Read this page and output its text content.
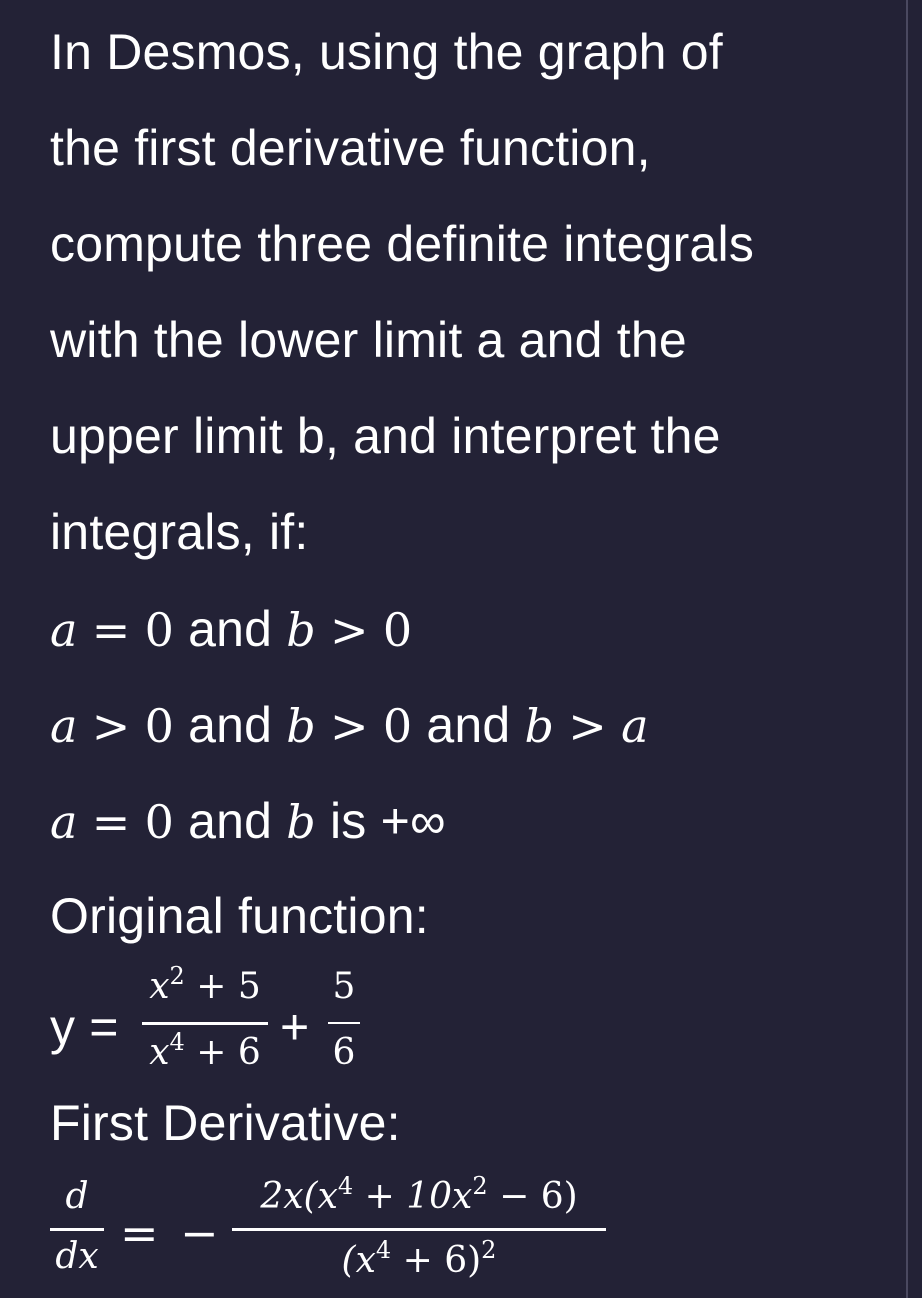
In Desmos, using the graph of
the first derivative function,
compute three definite integrals
with the lower limit a and the
upper limit b, and interpret the
integrals, if:
a = 0 and b > 0
a > 0 and b > 0 and b > a
a = 0 and b is +∞
Original function:
y =
$x^2 + 5$
$x^4 + 6$ +
5
6
First Derivative:
d
dx = −
$2x(x^4 + 10x^2 - 6)$
$(x^4 + 6)^2$
